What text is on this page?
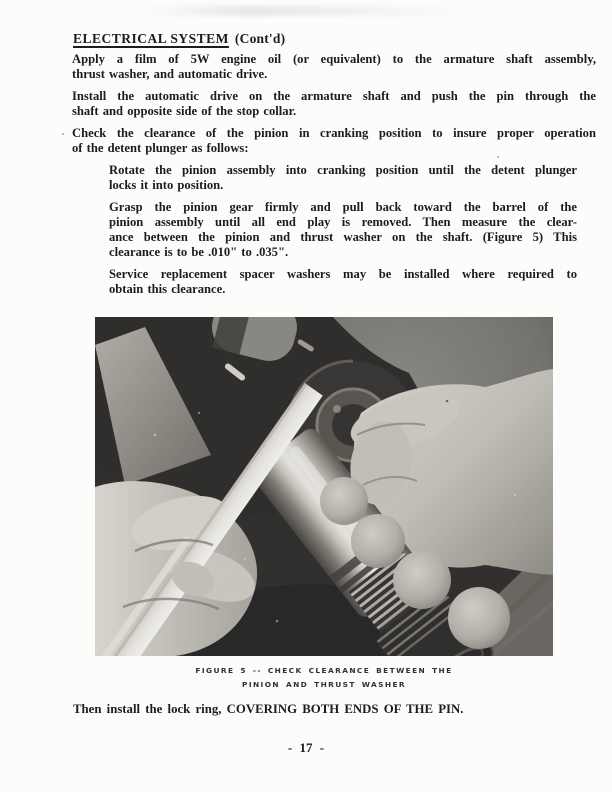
ELECTRICAL SYSTEM (Cont'd)
Apply a film of 5W engine oil (or equivalent) to the armature shaft assembly,
thrust washer, and automatic drive.
Install the automatic drive on the armature shaft and push the pin through the
shaft and opposite side of the stop collar.
Check the clearance of the pinion in cranking position to insure proper operation
of the detent plunger as follows:
Rotate the pinion assembly into cranking position until the detent plunger
locks it into position.
Grasp the pinion gear firmly and pull back toward the barrel of the
pinion assembly until all end play is removed. Then measure the clear-
ance between the pinion and thrust washer on the shaft. (Figure 5) This
clearance is to be .010" to .035".
Service replacement spacer washers may be installed where required to
obtain this clearance.
FIGURE 5 -- CHECK CLEARANCE BETWEEN THE
PINION AND THRUST WASHER
Then install the lock ring, COVERING BOTH ENDS OF THE PIN.
- 17 -
